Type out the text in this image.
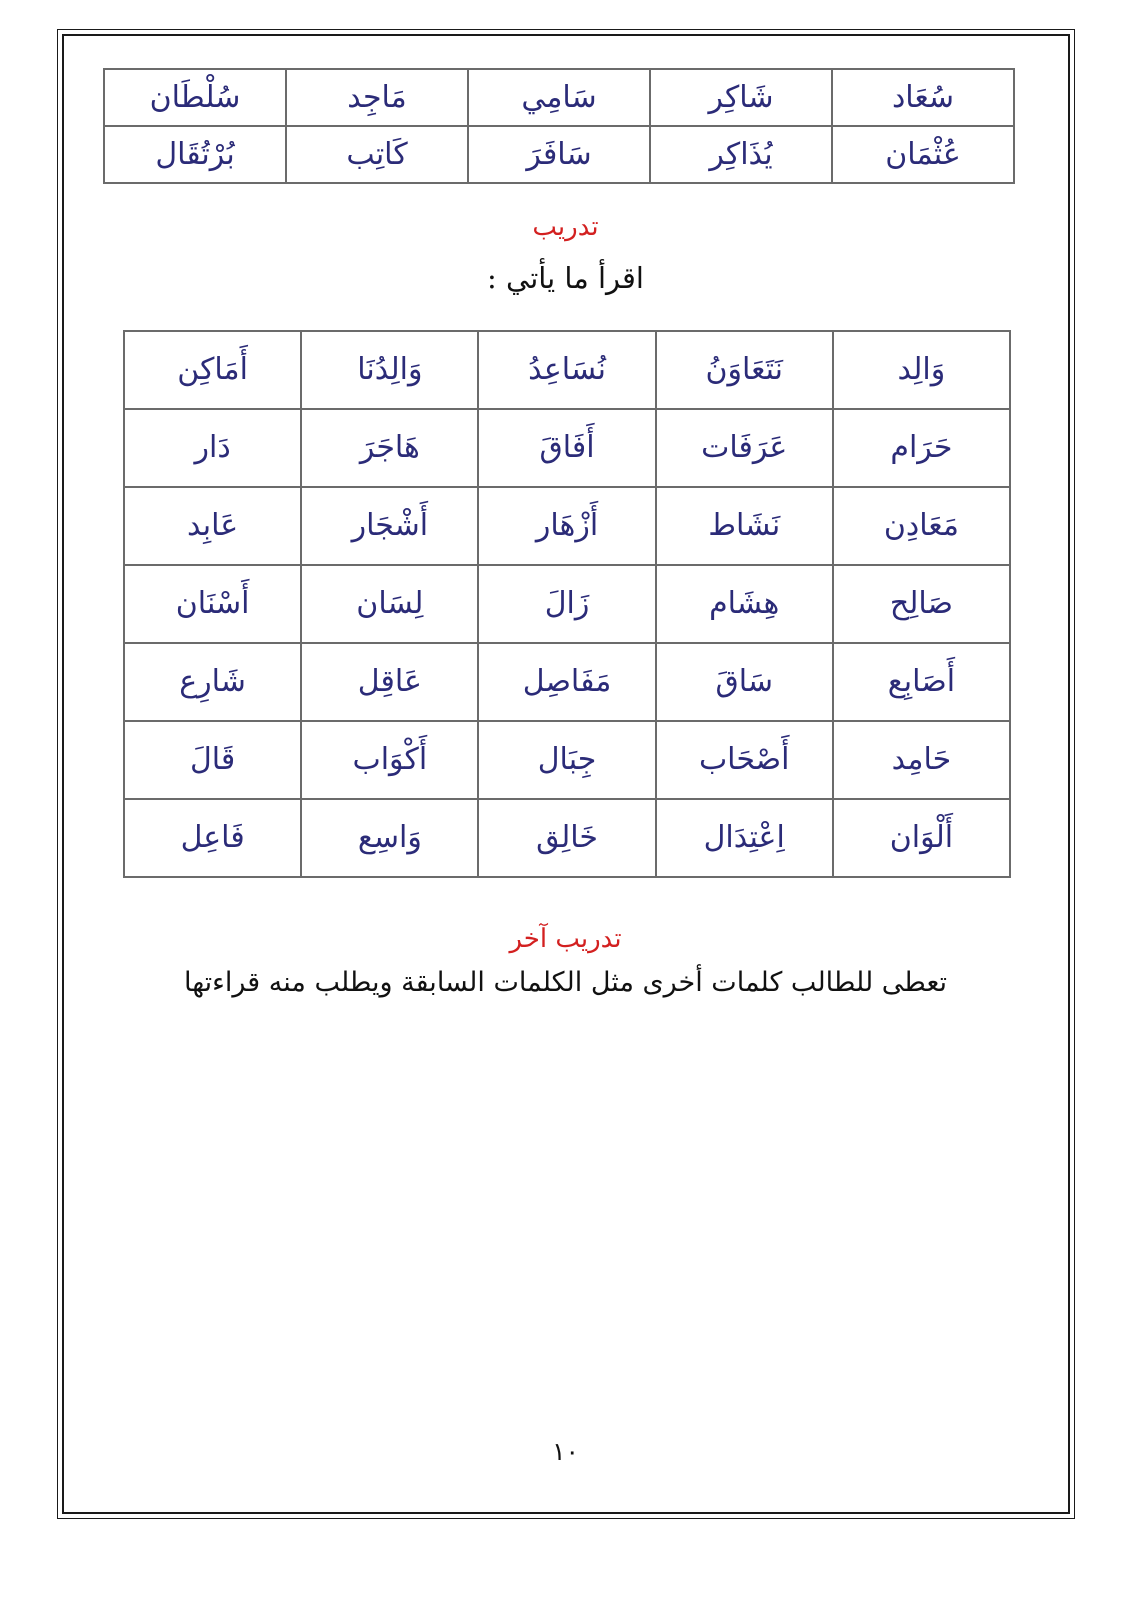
سُعَاد	شَاكِر	سَامِي	مَاجِد	سُلْطَان
عُثْمَان	يُذَاكِر	سَافَرَ	كَاتِب	بُرْتُقَال
تدريب
اقرأ ما يأتي :
وَالِد	نَتَعَاوَنُ	نُسَاعِدُ	وَالِدُنَا	أَمَاكِن
حَرَام	عَرَفَات	أَفَاقَ	هَاجَرَ	دَار
مَعَادِن	نَشَاط	أَزْهَار	أَشْجَار	عَابِد
صَالِح	هِشَام	زَالَ	لِسَان	أَسْنَان
أَصَابِع	سَاقَ	مَفَاصِل	عَاقِل	شَارِع
حَامِد	أَصْحَاب	جِبَال	أَكْوَاب	قَالَ
أَلْوَان	اِعْتِدَال	خَالِق	وَاسِع	فَاعِل
تدريب آخر
تعطى للطالب كلمات أخرى مثل الكلمات السابقة ويطلب منه قراءتها
١٠
